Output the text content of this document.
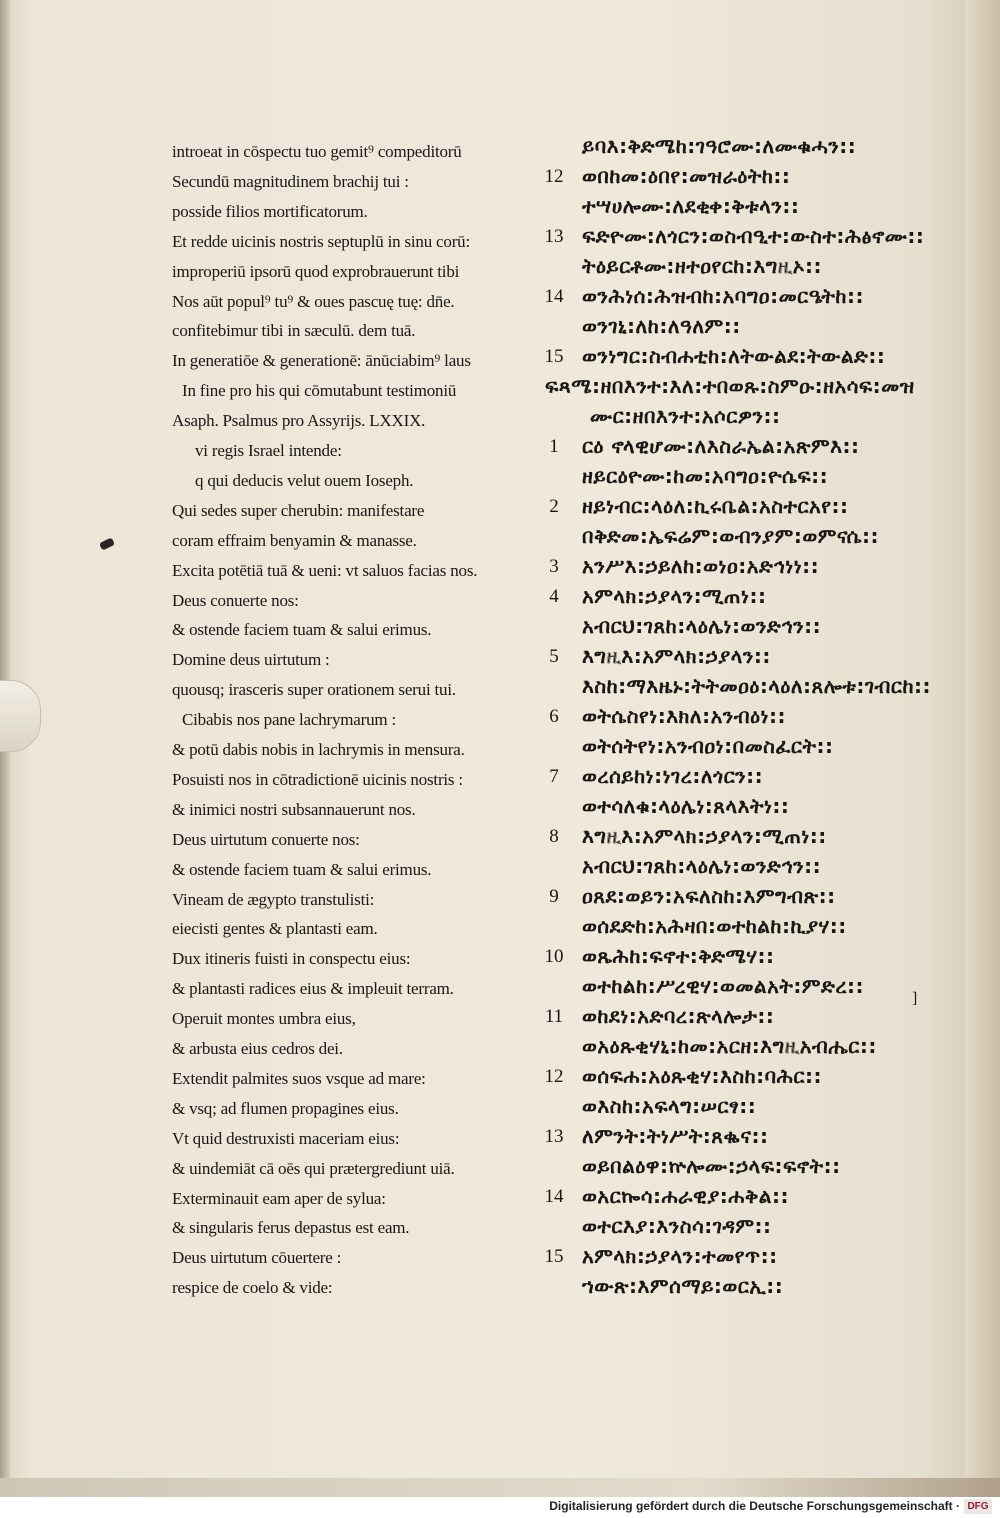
]
introeat in cōspectu tuo gemit⁹ compeditorū
Secundū magnitudinem brachij tui :
posside filios mortificatorum.
Et redde uicinis nostris septuplū in sinu corū:
improperiū ipsorū quod exprobrauerunt tibi
Nos aūt popul⁹ tu⁹ & oues pascuę tuę: dn̄e.
confitebimur tibi in sæculū. dem tuā.
In generatiōe & generationē: ānūciabim⁹ laus
In fine pro his qui cōmutabunt testimoniū
Asaph. Psalmus pro Assyrijs. LXXIX.
vi regis Israel intende:
q qui deducis velut ouem Ioseph.
Qui sedes super cherubin: manifestare
coram effraim benyamin & manasse.
Excita potētiā tuā & ueni: vt saluos facias nos.
Deus conuerte nos:
& ostende faciem tuam & salui erimus.
Domine deus uirtutum :
quousq; irasceris super orationem serui tui.
Cibabis nos pane lachrymarum :
& potū dabis nobis in lachrymis in mensura.
Posuisti nos in cōtradictionē uicinis nostris :
& inimici nostri subsannauerunt nos.
Deus uirtutum conuerte nos:
& ostende faciem tuam & salui erimus.
Vineam de ægypto transtulisti:
eiecisti gentes & plantasti eam.
Dux itineris fuisti in conspectu eius:
& plantasti radices eius & impleuit terram.
Operuit montes umbra eius,
& arbusta eius cedros dei.
Extendit palmites suos vsque ad mare:
& vsq; ad flumen propagines eius.
Vt quid destruxisti maceriam eius:
& uindemiāt cā oēs qui prætergrediunt uiā.
Exterminauit eam aper de sylua:
& singularis ferus depastus est eam.
Deus uirtutum cōuertere :
respice de coelo & vide:
ይባእ:ቅድሜከ:ገዓሮሙ:ለሙቁሓን::
12 ወበከመ:ዕበየ:መዝራዕትከ::
ተሣሀሎሙ:ለደቂቀ:ቅቱላን::
13 ፍድዮሙ:ለጎርን:ወስብዒተ:ውስተ:ሕፅኖሙ::
ትዕይርቶሙ:ዘተዐየርከ:እግዚኦ::
14 ወንሕነሰ:ሕዝብከ:አባግዐ:መርዔትከ::
ወንገኒ:ለከ:ለዓለም::
15 ወንነግር:ስብሐቲከ:ለትውልደ:ትውልድ::
ፍጻሜ:ዘበእንተ:እለ:ተበወጹ:ስምዑ:ዘአሳፍ:መዝ
ሙር:ዘበእንተ:አሶርዎን::
1	ርዕ ኖላዊሆሙ:ለእስራኤል:አጽምእ::
ዘይርዕዮሙ:ከመ:አባግዐ:ዮሴፍ::
2	ዘይነብር:ላዕለ:ኪሩቤል:አስተርአየ::
በቅድመ:ኤፍሬም:ወብንያም:ወምናሴ::
3	አንሥእ:ኃይለከ:ወነዐ:አድኅነነ::
4	አምላክ:ኃያላን:ሚጠነ::
አብርህ:ገጸከ:ላዕሌነ:ወንድኅን::
5	እግዚእ:አምላክ:ኃያላን::
እስከ:ማእዜኑ:ትትመዐዕ:ላዕለ:ጸሎቱ:ገብርከ::
6	ወትሴስየነ:እክለ:አንብዕነ::
ወትሰትየነ:አንብዐነ:በመስፈርት::
7	ወረሰይከነ:ነገረ:ለጎርን::
ወተሳለቁ:ላዕሌነ:ጸላእትነ::
8	እግዚእ:አምላክ:ኃያላን:ሚጠነ::
አብርህ:ገጸከ:ላዕሌነ:ወንድኅን::
9	ዐጸደ:ወይን:አፍለስከ:እምግብጽ::
ወሰደድከ:አሕዛበ:ወተከልከ:ኪያሃ::
10 ወጼሕከ:ፍኖተ:ቅድሜሃ::
ወተከልከ:ሥረዊሃ:ወመልአት:ምድረ::
11 ወከደነ:አድባረ:ጽላሎታ::
ወአዕጹቂሃኒ:ከመ:አርዘ:እግዚአብሔር::
12 ወሰፍሐ:አዕጹቂሃ:እስከ:ባሕር::
ወእስከ:አፍላግ:ሠርፃ::
13 ለምንት:ትነሥት:ጸቈና::
ወይበልዕዋ:ኵሎሙ:ኃላፍ:ፍኖት::
14 ወአርኰሳ:ሐራዊያ:ሐቅል::
ወተርእያ:እንስሳ:ገዳም::
15 አምላክ:ኃያላን:ተመየጥ::
ኀውጽ:እምሰማይ:ወርኢ::
Digitalisierung gefördert durch die Deutsche Forschungsgemeinschaft · DFG
